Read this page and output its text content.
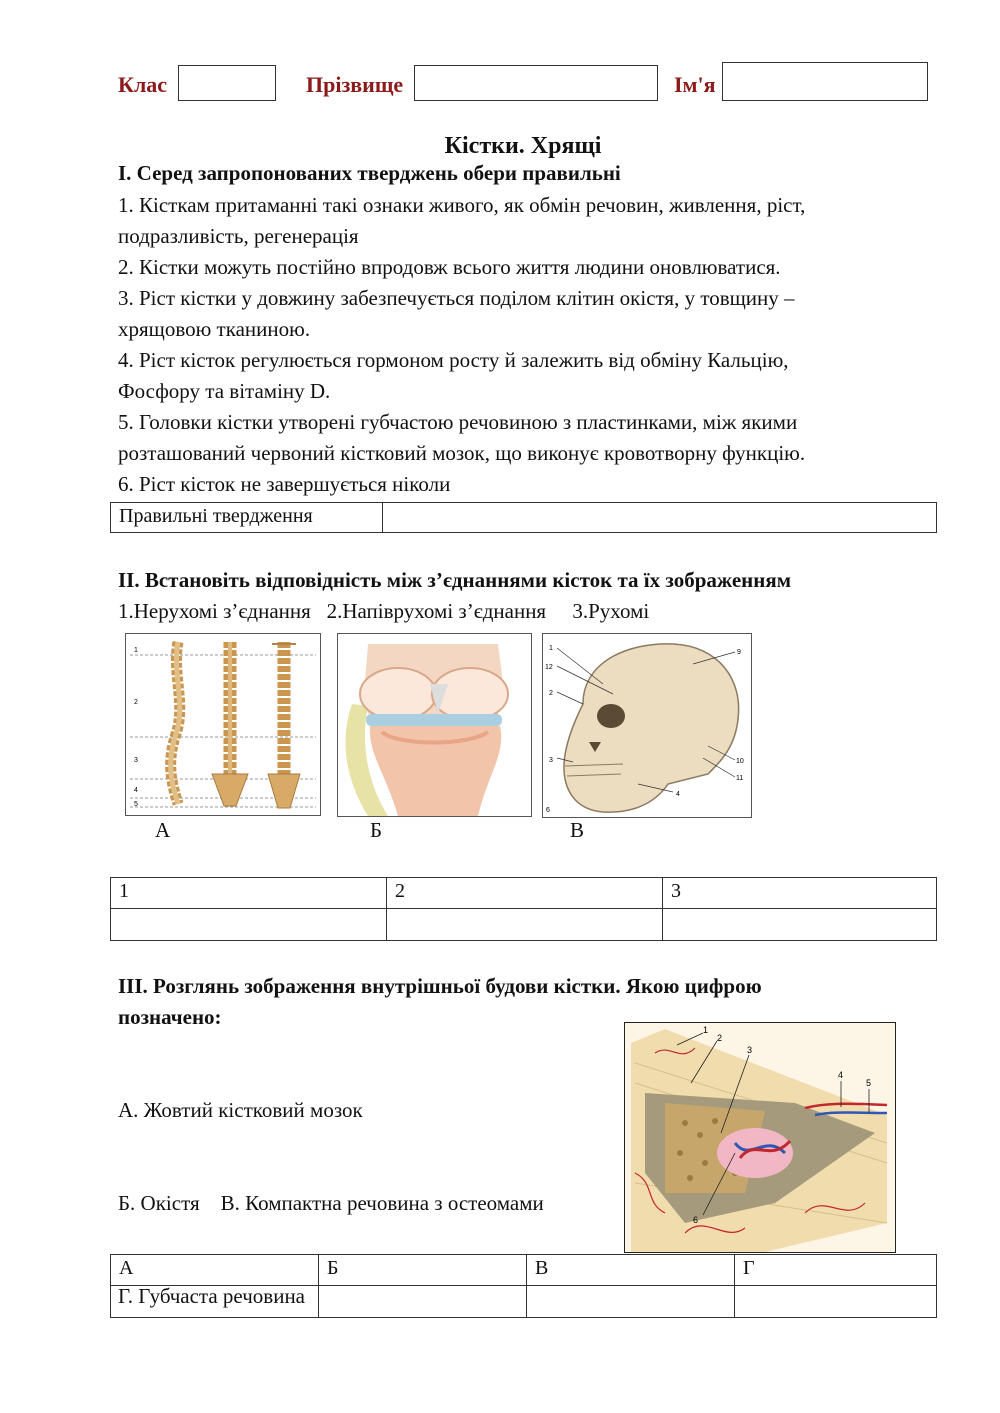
Клас	Прізвище	Ім'я
Кістки. Хрящі
І. Серед запропонованих тверджень обери правильні
1. Кісткам притаманні такі ознаки живого, як обмін речовин, живлення, ріст,
подразливість, регенерація
2. Кістки можуть постійно впродовж всього життя людини оновлюватися.
3. Ріст кістки у довжину забезпечується поділом клітин окістя, у товщину –
хрящовою тканиною.
4. Ріст кісток регулюється гормоном росту й залежить від обміну Кальцію,
Фосфору та вітаміну D.
5. Головки кістки утворені губчастою речовиною з пластинками, між якими
розташований червоний кістковий мозок, що виконує кровотворну функцію.
6. Ріст кісток не завершується ніколи
Правильні твердження	
ІІ. Встановіть відповідність між з’єднаннями кісток та їх зображенням
1.Нерухомі з’єднання   2.Напіврухомі з’єднання     3.Рухомі
1
2
3
4
5
1
12
2
3
4
6
9
10
11
А	Б	В
1	2	3

ІІІ. Розглянь зображення внутрішньої будови кістки. Якою цифрою
позначено:

А. Жовтий кістковий мозок

Б. Окістя    В. Компактна речовина з остеомами

Г. Губчаста речовина

1
2
3
4
5
6
А	Б	В	Г
